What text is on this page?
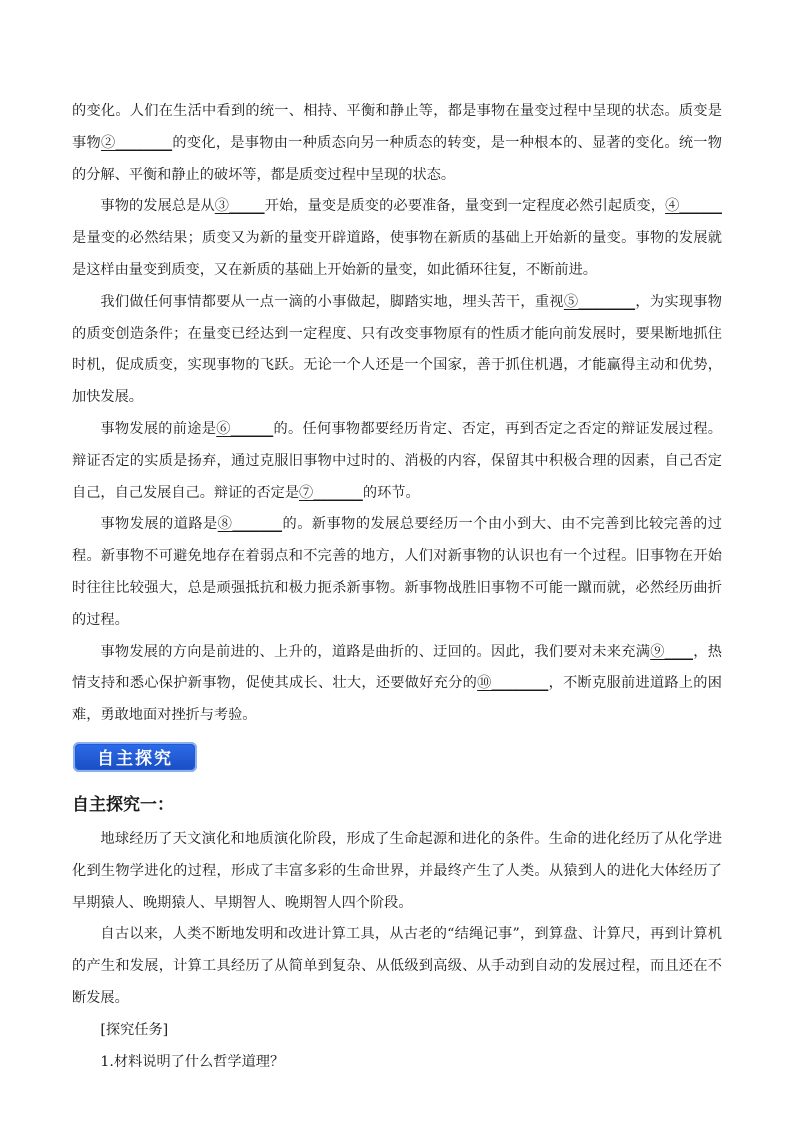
的变化。人们在生活中看到的统一、相持、平衡和静止等，都是事物在量变过程中呈现的状态。质变是事物②________的变化，是事物由一种质态向另一种质态的转变，是一种根本的、显著的变化。统一物的分解、平衡和静止的破坏等，都是质变过程中呈现的状态。

事物的发展总是从③_____开始，量变是质变的必要准备，量变到一定程度必然引起质变，④______是量变的必然结果；质变又为新的量变开辟道路，使事物在新质的基础上开始新的量变。事物的发展就是这样由量变到质变，又在新质的基础上开始新的量变，如此循环往复，不断前进。

我们做任何事情都要从一点一滴的小事做起，脚踏实地，埋头苦干，重视⑤________，为实现事物的质变创造条件；在量变已经达到一定程度、只有改变事物原有的性质才能向前发展时，要果断地抓住时机，促成质变，实现事物的飞跃。无论一个人还是一个国家，善于抓住机遇，才能赢得主动和优势，加快发展。

事物发展的前途是⑥______的。任何事物都要经历肯定、否定，再到否定之否定的辩证发展过程。辩证否定的实质是扬弃，通过克服旧事物中过时的、消极的内容，保留其中积极合理的因素，自己否定自己，自己发展自己。辩证的否定是⑦_______的环节。

事物发展的道路是⑧_______的。新事物的发展总要经历一个由小到大、由不完善到比较完善的过程。新事物不可避免地存在着弱点和不完善的地方，人们对新事物的认识也有一个过程。旧事物在开始时往往比较强大，总是顽强抵抗和极力扼杀新事物。新事物战胜旧事物不可能一蹴而就，必然经历曲折的过程。

事物发展的方向是前进的、上升的，道路是曲折的、迂回的。因此，我们要对未来充满⑨____，热情支持和悉心保护新事物，促使其成长、壮大，还要做好充分的⑩________，不断克服前进道路上的困难，勇敢地面对挫折与考验。

自主探究

自主探究一：

地球经历了天文演化和地质演化阶段，形成了生命起源和进化的条件。生命的进化经历了从化学进化到生物学进化的过程，形成了丰富多彩的生命世界，并最终产生了人类。从猿到人的进化大体经历了早期猿人、晚期猿人、早期智人、晚期智人四个阶段。

自古以来，人类不断地发明和改进计算工具，从古老的“结绳记事”，到算盘、计算尺，再到计算机的产生和发展，计算工具经历了从简单到复杂、从低级到高级、从手动到自动的发展过程，而且还在不断发展。

[探究任务]

1.材料说明了什么哲学道理？
